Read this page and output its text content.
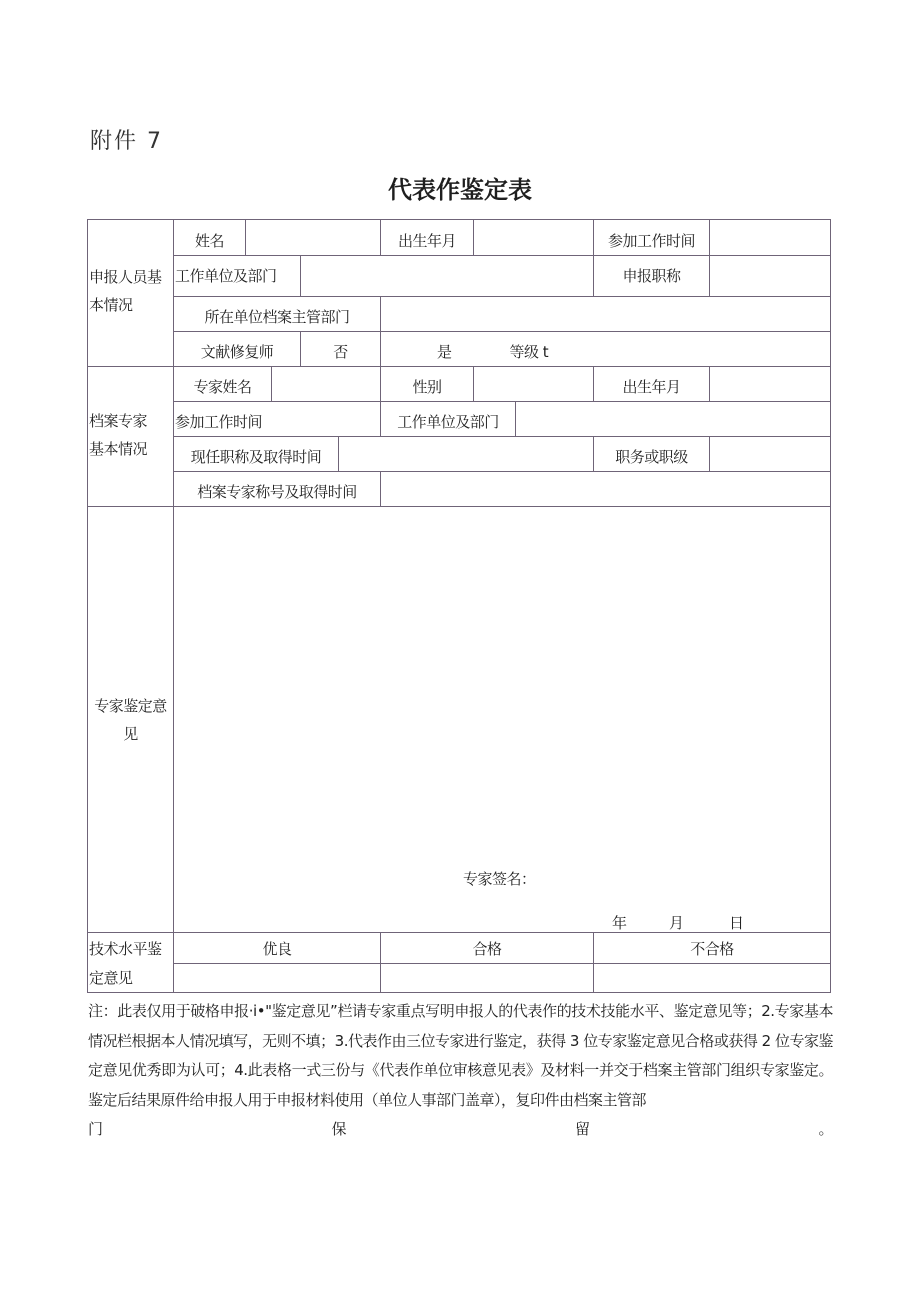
附件 7
代表作鉴定表
申报人员基本情况
姓名	出生年月	参加工作时间
工作单位及部门	申报职称
所在单位档案主管部门
文献修复师	否	是	等级 t
档案专家基本情况
专家姓名	性别	出生年月
参加工作时间	工作单位及部门
现任职称及取得时间	职务或职级
档案专家称号及取得时间
专家鉴定意见
专家签名：
年	月	日
技术水平鉴定意见
优良	合格	不合格
注：此表仅用于破格申报·i•"鉴定意见”栏请专家重点写明申报人的代表作的技术技能水平、鉴定意见等；2.专家基本情况栏根据本人情况填写，无则不填；3.代表作由三位专家进行鉴定，获得 3 位专家鉴定意见合格或获得 2 位专家鉴定意见优秀即为认可；4.此表格一式三份与《代表作单位审核意见表》及材料一并交于档案主管部门组织专家鉴定。鉴定后结果原件给申报人用于申报材料使用（单位人事部门盖章），复印件由档案主管部
门	保	留	。
